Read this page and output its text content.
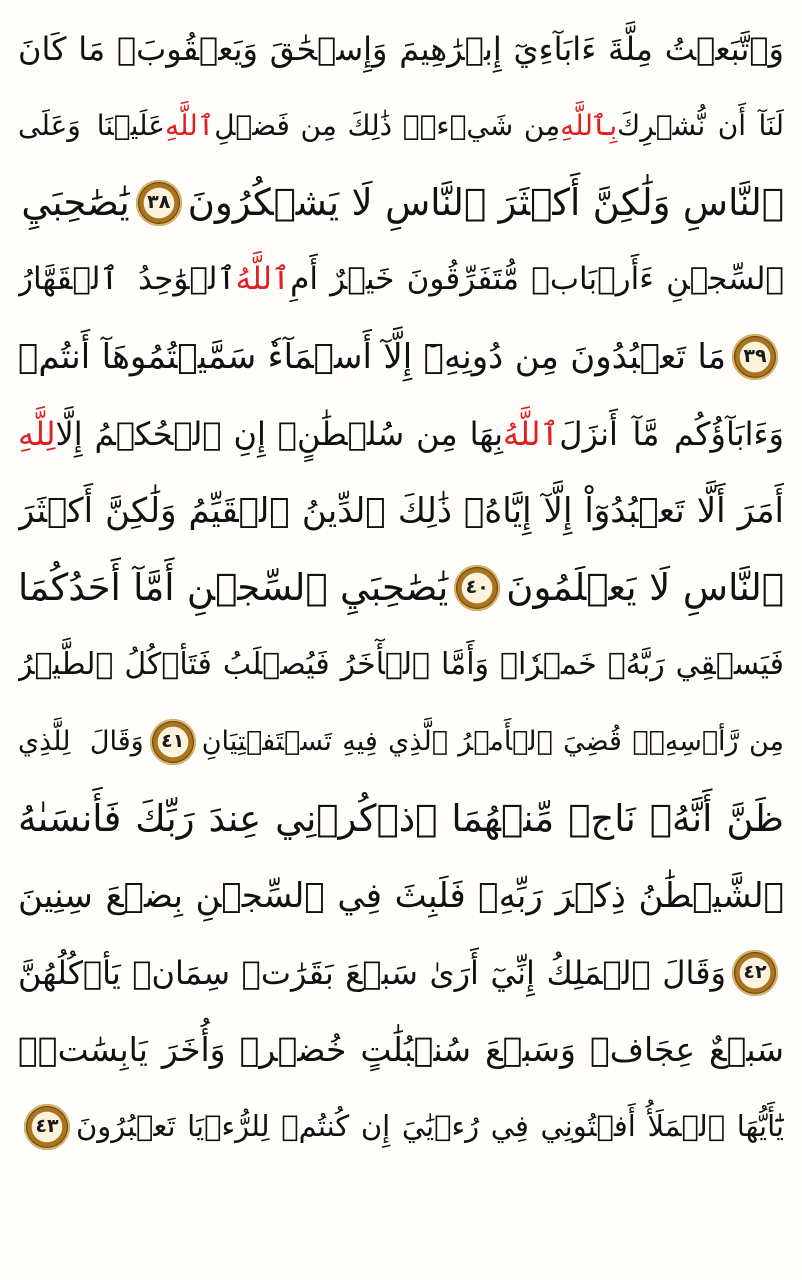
وَٱتَّبَعۡتُ مِلَّةَ ءَابَآءِيٓ إِبۡرَٰهِيمَ وَإِسۡحَٰقَ وَيَعۡقُوبَۚ مَا كَانَ
لَنَآ أَن نُّشۡرِكَ
بِٱللَّهِ
مِن شَيۡءٖۚ ذَٰلِكَ مِن فَضۡلِ
ٱللَّهِ
عَلَيۡنَا وَعَلَى
ٱلنَّاسِ وَلَٰكِنَّ أَكۡثَرَ ٱلنَّاسِ لَا يَشۡكُرُونَ
٣٨
يَٰصَٰحِبَيِ
ٱلسِّجۡنِ ءَأَرۡبَابٞ مُّتَفَرِّقُونَ خَيۡرٌ أَمِ
ٱللَّهُ
ٱلۡوَٰحِدُ ٱلۡقَهَّارُ
٣٩
مَا تَعۡبُدُونَ مِن دُونِهِۦٓ إِلَّآ أَسۡمَآءٗ سَمَّيۡتُمُوهَآ أَنتُمۡ
وَءَابَآؤُكُم مَّآ أَنزَلَ
ٱللَّهُ
بِهَا مِن سُلۡطَٰنٍۚ إِنِ ٱلۡحُكۡمُ إِلَّا
لِلَّهِ
أَمَرَ أَلَّا تَعۡبُدُوٓاْ إِلَّآ إِيَّاهُۚ ذَٰلِكَ ٱلدِّينُ ٱلۡقَيِّمُ وَلَٰكِنَّ أَكۡثَرَ
ٱلنَّاسِ لَا يَعۡلَمُونَ
٤٠
يَٰصَٰحِبَيِ ٱلسِّجۡنِ أَمَّآ أَحَدُكُمَا
فَيَسۡقِي رَبَّهُۥ خَمۡرٗاۖ وَأَمَّا ٱلۡأٓخَرُ فَيُصۡلَبُ فَتَأۡكُلُ ٱلطَّيۡرُ
مِن رَّأۡسِهِۦۚ قُضِيَ ٱلۡأَمۡرُ ٱلَّذِي فِيهِ تَسۡتَفۡتِيَانِ
٤١
وَقَالَ لِلَّذِي
ظَنَّ أَنَّهُۥ نَاجٖ مِّنۡهُمَا ٱذۡكُرۡنِي عِندَ رَبِّكَ فَأَنسَىٰهُ
ٱلشَّيۡطَٰنُ ذِكۡرَ رَبِّهِۦ فَلَبِثَ فِي ٱلسِّجۡنِ بِضۡعَ سِنِينَ
٤٢
وَقَالَ ٱلۡمَلِكُ إِنِّيٓ أَرَىٰ سَبۡعَ بَقَرَٰتٖ سِمَانٖ يَأۡكُلُهُنَّ
سَبۡعٌ عِجَافٞ وَسَبۡعَ سُنۢبُلَٰتٍ خُضۡرٖ وَأُخَرَ يَابِسَٰتٖۖ
يَٰٓأَيُّهَا ٱلۡمَلَأُ أَفۡتُونِي فِي رُءۡيَٰيَ إِن كُنتُمۡ لِلرُّءۡيَا تَعۡبُرُونَ
٤٣
